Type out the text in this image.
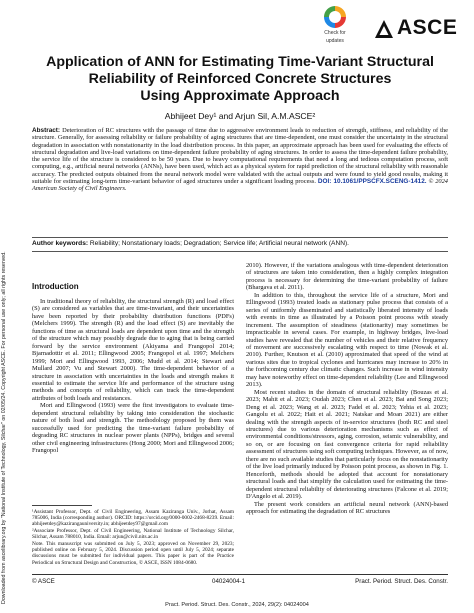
Downloaded from ascelibrary.org by "National Institute of Technology, Silchar" on 02/05/24. Copyright ASCE. For personal use only; all rights reserved.
Check for
updates
ASCE
Application of ANN for Estimating Time-Variant Structural
Reliability of Reinforced Concrete Structures
Using Approximate Approach
Abhijeet Dey¹ and Arjun Sil, A.M.ASCE²
Abstract: Deterioration of RC structures with the passage of time due to aggressive environment leads to reduction of strength, stiffness, and reliability of the structure. Generally, for assessing reliability or failure probability of aging structures that are time-dependent, one must consider the uncertainty in the structural degradation in association with nonstationarity in the load distribution process. In this paper, an approximate approach has been used for evaluating the effects of structural degradation and live-load variations on time-dependent failure probability of aging structures. In order to assess the time-dependent failure probability, the service life of the structure is considered to be 50 years. Due to heavy computational requirements that need a long and tedious computation process, soft computing, e.g., artificial neural networks (ANNs), have been used, which act as a physical system for rapid prediction of the structural reliability with reasonable accuracy. The predicted outputs obtained from the neural network model were validated with the actual outputs and were found to yield good results, making it suitable for estimating long-term time-variant behavior of aged structures under a significant loading process. DOI: 10.1061/PPSCFX.SCENG-1412. © 2024 American Society of Civil Engineers.
Author keywords: Reliability; Nonstationary loads; Degradation; Service life; Artificial neural network (ANN).
Introduction

In traditional theory of reliability, the structural strength (R) and load effect (S) are considered as variables that are time-invariant, and their uncertainties have been reported by their probability distribution functions (PDFs) (Melchers 1999). The strength (R) and the load effect (S) are inevitably the functions of time as structural loads are dependent upon time and the strength of the structure which may possibly degrade due to aging that is being carried forward by the service environment (Akiyama and Frangopol 2014; Bjarnadottir et al. 2011; Ellingwood 2005; Frangopol et al. 1997; Melchers 1999; Mori and Ellingwood 1993, 2006; Mudd et al. 2014; Stewart and Mullard 2007; Vu and Stewart 2000). The time-dependent behavior of a structure in association with uncertainties in the loads and strength makes it essential to estimate the service life and performance of the structure using methods and concepts of reliability, which can track the time-dependent attributes of both loads and resistances.

Mori and Ellingwood (1993) were the first investigators to evaluate time-dependent structural reliability by taking into consideration the stochastic nature of both load and strength. The methodology proposed by them was successfully used for predicting the time-variant failure probability of degrading RC structures in nuclear power plants (NPPs), bridges and several other civil engineering infrastructures (Hong 2000; Mori and Ellingwood 2006; Frangopol

¹Assistant Professor, Dept. of Civil Engineering, Assam Kaziranga Univ., Jorhat, Assam 785006, India (corresponding author). ORCID: https://orcid.org/0000-0002-2468-8239. Email: abhijeetdey@kazirangauniversity.in; abhijeetdey97@gmail.com
²Associate Professor, Dept. of Civil Engineering, National Institute of Technology Silchar, Silchar, Assam 788010, India. Email: arjun@civil.nits.ac.in
Note. This manuscript was submitted on July 5, 2023; approved on November 29, 2023; published online on February 5, 2024. Discussion period open until July 5, 2024; separate discussions must be submitted for individual papers. This paper is part of the Practice Periodical on Structural Design and Construction, © ASCE, ISSN 1084-0680.

2010). However, if the variations analogous with time-dependent deterioration of structures are taken into consideration, then a highly complex integration process is necessary for determining the time-variant probability of failure (Bhargava et al. 2011).

In addition to this, throughout the service life of a structure, Mori and Ellingwood (1993) treated loads as stationary pulse process that consists of a series of uniformly disseminated and statistically liberated intensity of loads with events in time as illustrated by a Poisson point process with steady increment. The assumption of steadiness (stationarity) may sometimes be impracticable in several cases. For example, in highway bridges, live-load studies have revealed that the number of vehicles and their relative frequency of movement are successively escalating with respect to time (Nowak et al. 2010). Further, Knutson et al. (2010) approximated that speed of the wind at various sites due to tropical cyclones and hurricanes may increase to 20% in the forthcoming century due climatic changes. Such increase in wind intensity may have noteworthy effect on time-dependent reliability (Lee and Ellingwood 2013).

Most recent studies in the domain of structural reliability (Bouzas et al. 2023; Mahit et al. 2023; Oudah 2023; Chen et al. 2023; Bai and Song 2023; Deng et al. 2023; Wang et al. 2023; Fadel et al. 2023; Yehia et al. 2023; Gangolu et al. 2022; Hait et al. 2021; Natskar and Moan 2021) are either dealing with the strength aspects of in-service structures (both RC and steel structures) due to various deterioration mechanisms such as effect of environmental conditions/stressors, aging, corrosion, seismic vulnerability, and so on, or are focusing on fast convergence criteria for rapid reliability assessment of structures using soft computing techniques. However, as of now, there are no such available studies that particularly focus on the nonstationarity of the live load primarily induced by Poisson point process, as shown in Fig. 1. Henceforth, methods should be adopted that account for nonstationary structural loads and that simplify the calculation used for estimating the time-dependent structural reliability of deteriorating structures (Falcone et al. 2019; D'Angelo et al. 2019).

The present work considers an artificial neural network (ANN)-based approach for estimating the degradation of RC structures

© ASCE	04024004-1	Pract. Period. Struct. Des. Constr.
Pract. Period. Struct. Des. Constr., 2024, 29(2): 04024004
